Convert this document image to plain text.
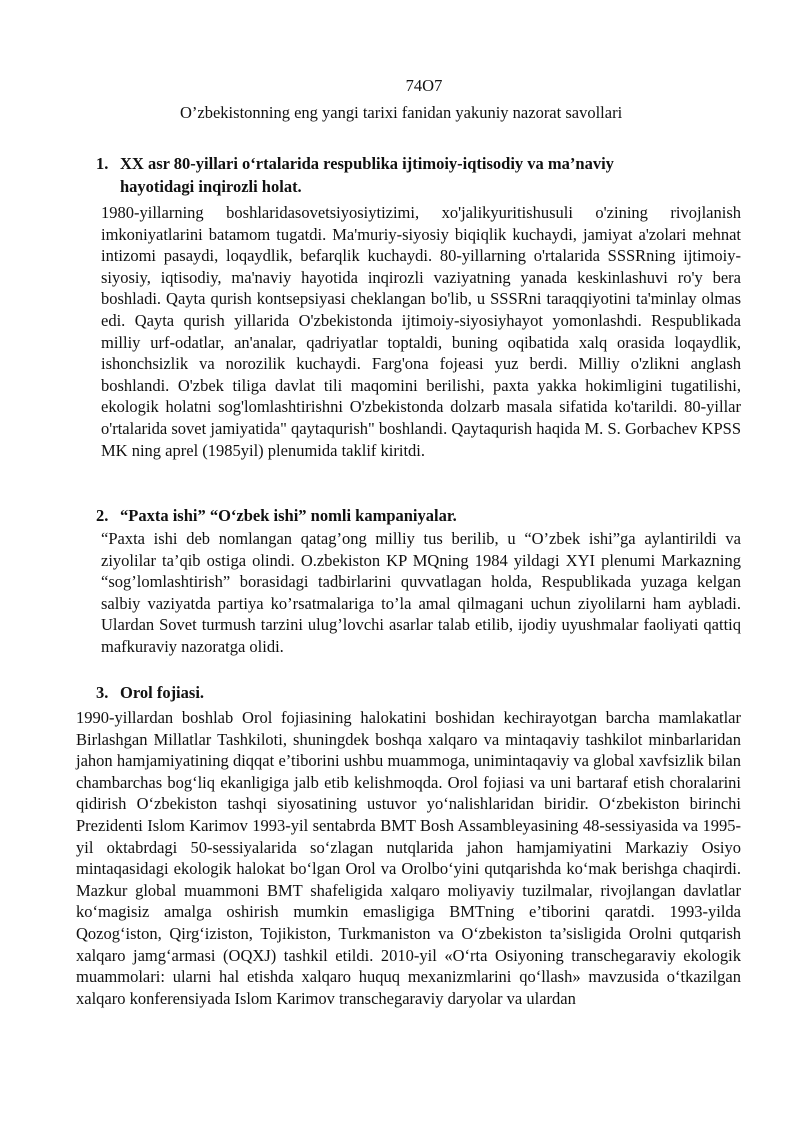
74O7
O’zbekistonning eng yangi tarixi fanidan yakuniy nazorat savollari
1. XX asr 80-yillari oʻrtalarida respublika ijtimoiy-iqtisodiy va ma’naviy
hayotidagi inqirozli holat.

1980-yillarning boshlaridasovetsiyosiytizimi, xo'jalikyuritishusuli o'zining rivojlanish imkoniyatlarini batamom tugatdi. Ma'muriy-siyosiy biqiqlik kuchaydi, jamiyat a'zolari mehnat intizomi pasaydi, loqaydlik, befarqlik kuchaydi. 80-yillarning o'rtalarida SSSRning ijtimoiy-siyosiy, iqtisodiy, ma'naviy hayotida inqirozli vaziyatning yanada keskinlashuvi ro'y bera boshladi. Qayta qurish kontsepsiyasi cheklangan bo'lib, u SSSRni taraqqiyotini ta'minlay olmas edi. Qayta qurish yillarida O'zbekistonda ijtimoiy-siyosiyhayot yomonlashdi. Respublikada milliy urf-odatlar, an'analar, qadriyatlar toptaldi, buning oqibatida xalq orasida loqaydlik, ishonchsizlik va norozilik kuchaydi. Farg'ona fojeasi yuz berdi. Milliy o'zlikni anglash boshlandi. O'zbek tiliga davlat tili maqomini berilishi, paxta yakka hokimligini tugatilishi, ekologik holatni sog'lomlashtirishni O'zbekistonda dolzarb masala sifatida ko'tarildi. 80-yillar o'rtalarida sovet jamiyatida" qaytaqurish" boshlandi. Qaytaqurish haqida M. S. Gorbachev KPSS MK ning aprel (1985yil) plenumida taklif kiritdi.

2. “Paxta ishi” “Oʻzbek ishi” nomli kampaniyalar.

“Paxta ishi deb nomlangan qatag’ong milliy tus berilib, u “O’zbek ishi”ga aylantirildi va ziyolilar ta’qib ostiga olindi. O.zbekiston KP MQning 1984 yildagi XYI plenumi Markazning “sog’lomlashtirish” borasidagi tadbirlarini quvvatlagan holda, Respublikada yuzaga kelgan salbiy vaziyatda partiya ko’rsatmalariga to’la amal qilmagani uchun ziyolilarni ham aybladi. Ulardan Sovet turmush tarzini ulug’lovchi asarlar talab etilib, ijodiy uyushmalar faoliyati qattiq mafkuraviy nazoratga olidi.

3. Orol fojiasi.

1990-yillardan boshlab Orol fojiasining halokatini boshidan kechirayotgan barcha mamlakatlar Birlashgan Millatlar Tashkiloti, shuningdek boshqa xalqaro va mintaqaviy tashkilot minbarlaridan jahon hamjamiyatining diqqat e’tiborini ushbu muammoga, unimintaqaviy va global xavfsizlik bilan chambarchas bogʻliq ekanligiga jalb etib kelishmoqda. Orol fojiasi va uni bartaraf etish choralarini qidirish Oʻzbekiston tashqi siyosatining ustuvor yoʻnalishlaridan biridir. Oʻzbekiston birinchi Prezidenti Islom Karimov 1993-yil sentabrda BMT Bosh Assambleyasining 48-sessiyasida va 1995-yil oktabrdagi 50-sessiyalarida soʻzlagan nutqlarida jahon hamjamiyatini Markaziy Osiyo mintaqasidagi ekologik halokat boʻlgan Orol va Orolboʻyini qutqarishda koʻmak berishga chaqirdi. Mazkur global muammoni BMT shafeligida xalqaro moliyaviy tuzilmalar, rivojlangan davlatlar koʻmagisiz amalga oshirish mumkin emasligiga BMTning e’tiborini qaratdi. 1993-yilda Qozogʻiston, Qirgʻiziston, Tojikiston, Turkmaniston va Oʻzbekiston ta’sisligida Orolni qutqarish xalqaro jamgʻarmasi (OQXJ) tashkil etildi. 2010-yil «Oʻrta Osiyoning transchegaraviy ekologik muammolari: ularni hal etishda xalqaro huquq mexanizmlarini qoʻllash» mavzusida oʻtkazilgan xalqaro konferensiyada Islom Karimov transchegaraviy daryolar va ulardan
